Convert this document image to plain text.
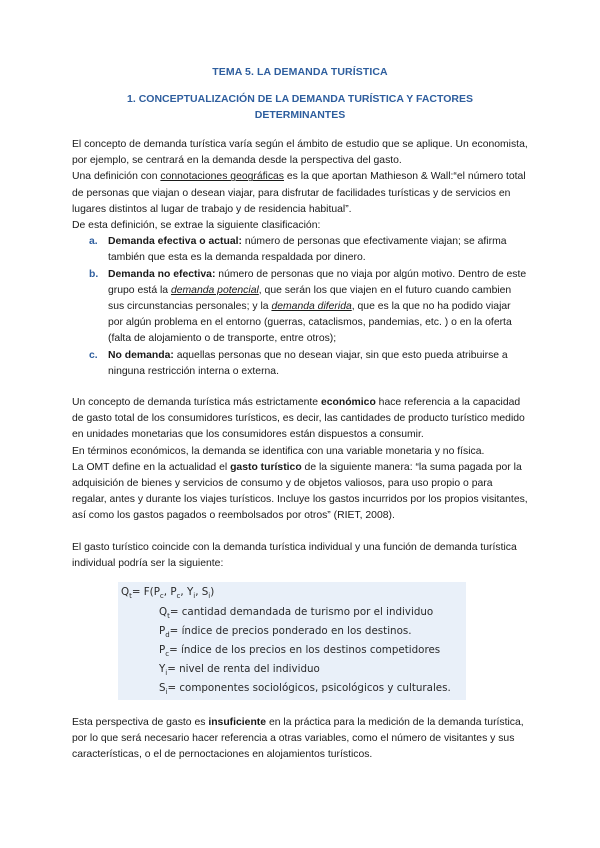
TEMA 5. LA DEMANDA TURÍSTICA
1. CONCEPTUALIZACIÓN DE LA DEMANDA TURÍSTICA Y FACTORES DETERMINANTES

El concepto de demanda turística varía según el ámbito de estudio que se aplique. Un economista, por ejemplo, se centrará en la demanda desde la perspectiva del gasto.
Una definición con connotaciones geográficas es la que aportan Mathieson & Wall:“el número total de personas que viajan o desean viajar, para disfrutar de facilidades turísticas y de servicios en lugares distintos al lugar de trabajo y de residencia habitual”.
De esta definición, se extrae la siguiente clasificación:

a. Demanda efectiva o actual: número de personas que efectivamente viajan; se afirma también que esta es la demanda respaldada por dinero.
b. Demanda no efectiva: número de personas que no viaja por algún motivo. Dentro de este grupo está la demanda potencial, que serán los que viajen en el futuro cuando cambien sus circunstancias personales; y la demanda diferida, que es la que no ha podido viajar por algún problema en el entorno (guerras, cataclismos, pandemias, etc. ) o en la oferta (falta de alojamiento o de transporte, entre otros);
c. No demanda: aquellas personas que no desean viajar, sin que esto pueda atribuirse a ninguna restricción interna o externa.

Un concepto de demanda turística más estrictamente económico hace referencia a la capacidad de gasto total de los consumidores turísticos, es decir, las cantidades de producto turístico medido en unidades monetarias que los consumidores están dispuestos a consumir.

En términos económicos, la demanda se identifica con una variable monetaria y no física.

La OMT define en la actualidad el gasto turístico de la siguiente manera: “la suma pagada por la adquisición de bienes y servicios de consumo y de objetos valiosos, para uso propio o para regalar, antes y durante los viajes turísticos. Incluye los gastos incurridos por los propios visitantes, así como los gastos pagados o reembolsados por otros” (RIET, 2008).

El gasto turístico coincide con la demanda turística individual y una función de demanda turística individual podría ser la siguiente:

$Q_t= F(P_c$, $P_c$, $Y_i$, $S_i$)
$Q_t=$ cantidad demandada de turismo por el individuo
$P_d=$ índice de precios ponderado en los destinos.
$P_c=$ índice de los precios en los destinos competidores
$Y_i=$ nivel de renta del individuo
$S_i=$ componentes sociológicos, psicológicos y culturales.

Esta perspectiva de gasto es insuficiente en la práctica para la medición de la demanda turística, por lo que será necesario hacer referencia a otras variables, como el número de visitantes y sus características, o el de pernoctaciones en alojamientos turísticos.
